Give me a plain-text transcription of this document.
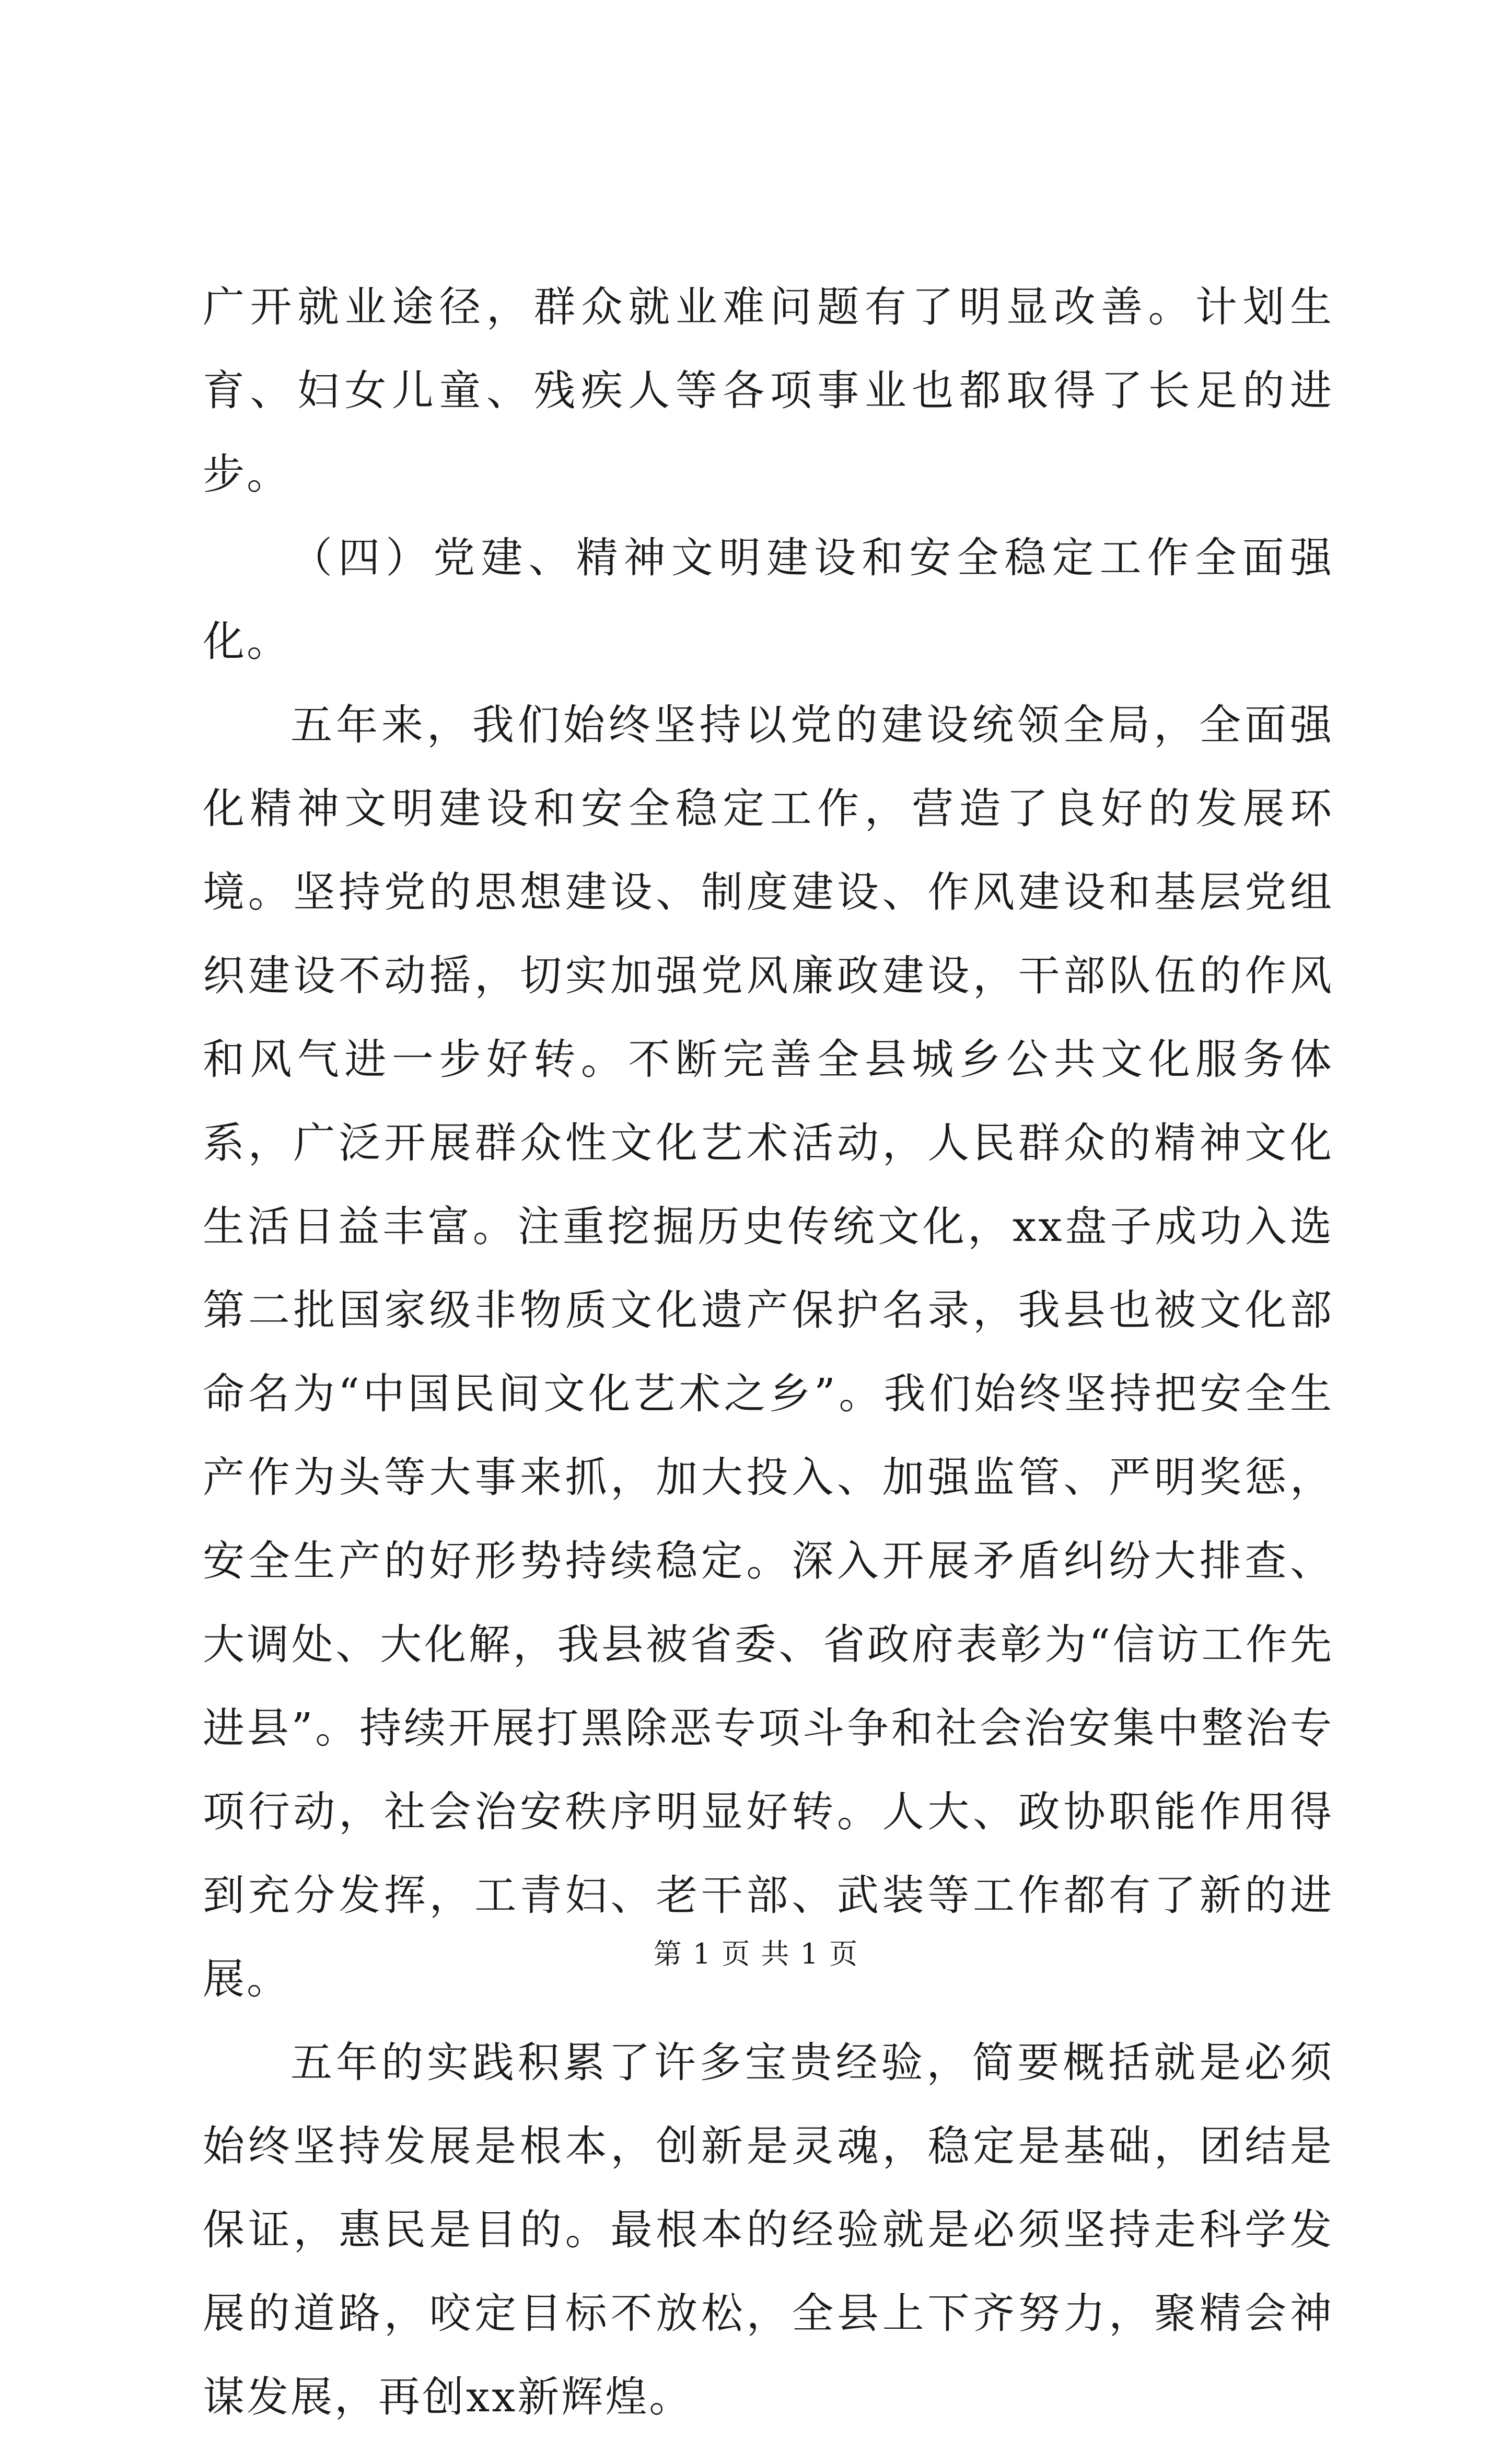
广开就业途径，群众就业难问题有了明显改善。计划生育、妇女儿童、残疾人等各项事业也都取得了长足的进步。

（四）党建、精神文明建设和安全稳定工作全面强化。

五年来，我们始终坚持以党的建设统领全局，全面强化精神文明建设和安全稳定工作，营造了良好的发展环境。坚持党的思想建设、制度建设、作风建设和基层党组织建设不动摇，切实加强党风廉政建设，干部队伍的作风和风气进一步好转。不断完善全县城乡公共文化服务体系，广泛开展群众性文化艺术活动，人民群众的精神文化生活日益丰富。注重挖掘历史传统文化，xx盘子成功入选第二批国家级非物质文化遗产保护名录，我县也被文化部命名为“中国民间文化艺术之乡”。我们始终坚持把安全生产作为头等大事来抓，加大投入、加强监管、严明奖惩，安全生产的好形势持续稳定。深入开展矛盾纠纷大排查、大调处、大化解，我县被省委、省政府表彰为“信访工作先进县”。持续开展打黑除恶专项斗争和社会治安集中整治专项行动，社会治安秩序明显好转。人大、政协职能作用得到充分发挥，工青妇、老干部、武装等工作都有了新的进展。

五年的实践积累了许多宝贵经验，简要概括就是必须始终坚持发展是根本，创新是灵魂，稳定是基础，团结是保证，惠民是目的。最根本的经验就是必须坚持走科学发展的道路，咬定目标不放松，全县上下齐努力，聚精会神谋发展，再创xx新辉煌。

第 1 页 共 1 页
